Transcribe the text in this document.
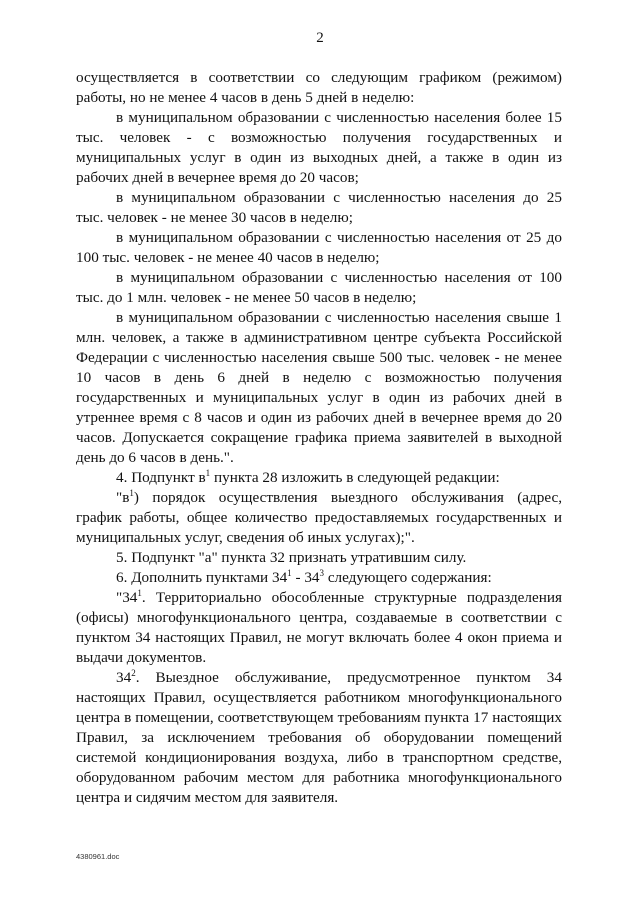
2

осуществляется в соответствии со следующим графиком (режимом) работы, но не менее 4 часов в день 5 дней в неделю:

в муниципальном образовании с численностью населения более 15 тыс. человек - с возможностью получения государственных и муниципальных услуг в один из выходных дней, а также в один из рабочих дней в вечернее время до 20 часов;

в муниципальном образовании с численностью населения до 25 тыс. человек - не менее 30 часов в неделю;

в муниципальном образовании с численностью населения от 25 до 100 тыс. человек - не менее 40 часов в неделю;

в муниципальном образовании с численностью населения от 100 тыс. до 1 млн. человек - не менее 50 часов в неделю;

в муниципальном образовании с численностью населения свыше 1 млн. человек, а также в административном центре субъекта Российской Федерации с численностью населения свыше 500 тыс. человек - не менее 10 часов в день 6 дней в неделю с возможностью получения государственных и муниципальных услуг в один из рабочих дней в утреннее время с 8 часов и один из рабочих дней в вечернее время до 20 часов. Допускается сокращение графика приема заявителей в выходной день до 6 часов в день.".

4. Подпункт $в^1$ пункта 28 изложить в следующей редакции:

"$в^1$) порядок осуществления выездного обслуживания (адрес, график работы, общее количество предоставляемых государственных и муниципальных услуг, сведения об иных услугах);".

5. Подпункт "а" пункта 32 признать утратившим силу.

6. Дополнить пунктами $34^1 - 34^3$ следующего содержания:

"$34^1$. Территориально обособленные структурные подразделения (офисы) многофункционального центра, создаваемые в соответствии с пунктом 34 настоящих Правил, не могут включать более 4 окон приема и выдачи документов.

$34^2$. Выездное обслуживание, предусмотренное пунктом 34 настоящих Правил, осуществляется работником многофункционального центра в помещении, соответствующем требованиям пункта 17 настоящих Правил, за исключением требования об оборудовании помещений системой кондиционирования воздуха, либо в транспортном средстве, оборудованном рабочим местом для работника многофункционального центра и сидячим местом для заявителя.

4380961.doc
